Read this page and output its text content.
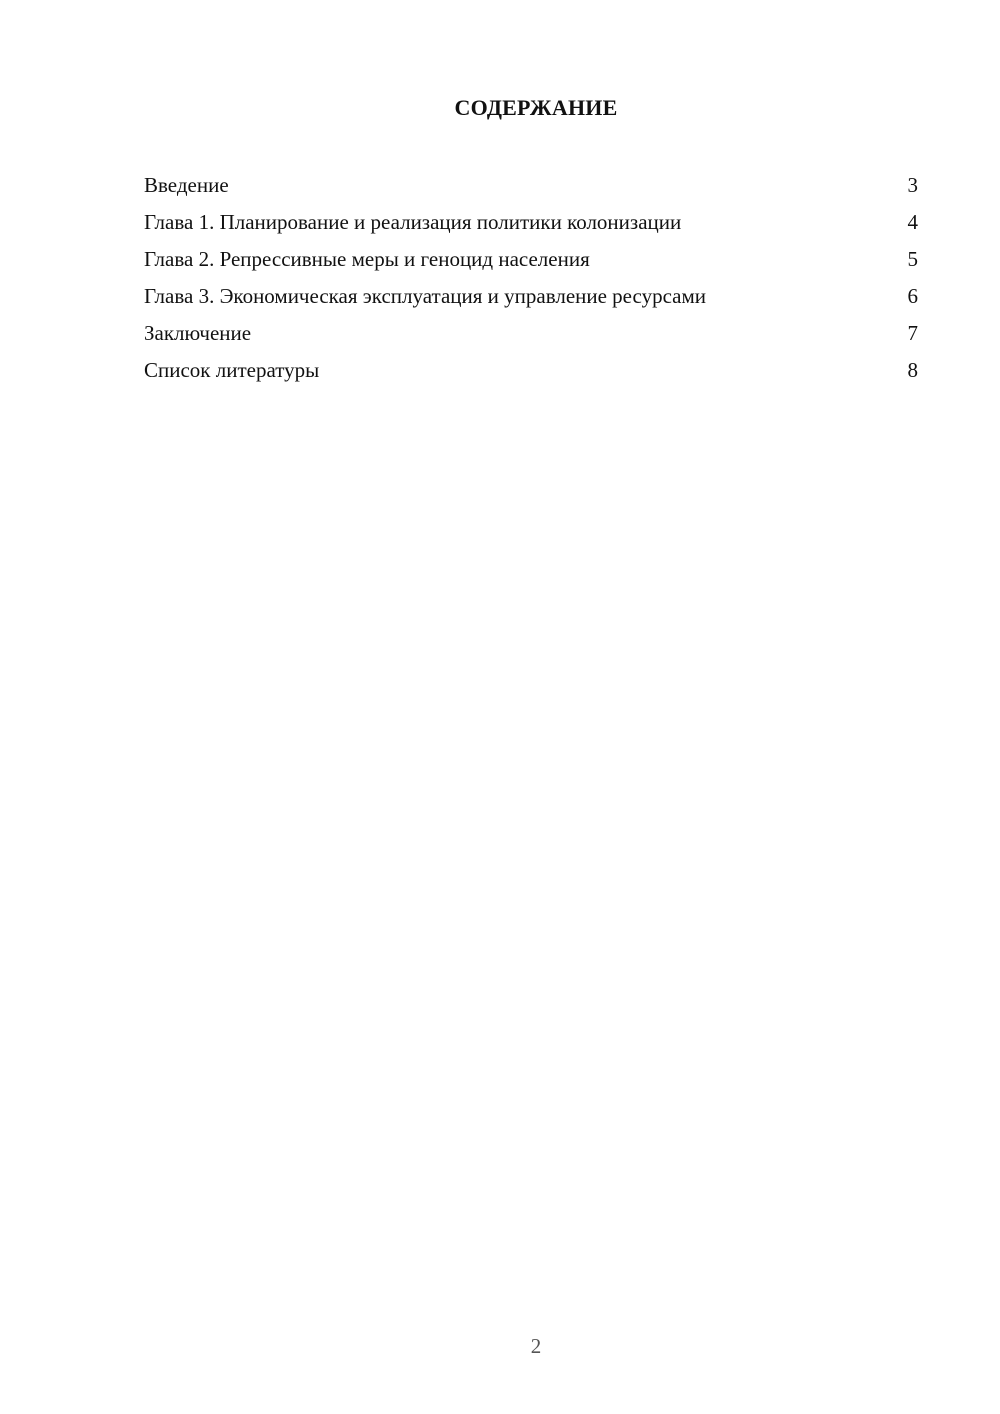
СОДЕРЖАНИЕ
Введение	3
Глава 1. Планирование и реализация политики колонизации	4
Глава 2. Репрессивные меры и геноцид населения	5
Глава 3. Экономическая эксплуатация и управление ресурсами	6
Заключение	7
Список литературы	8
2
